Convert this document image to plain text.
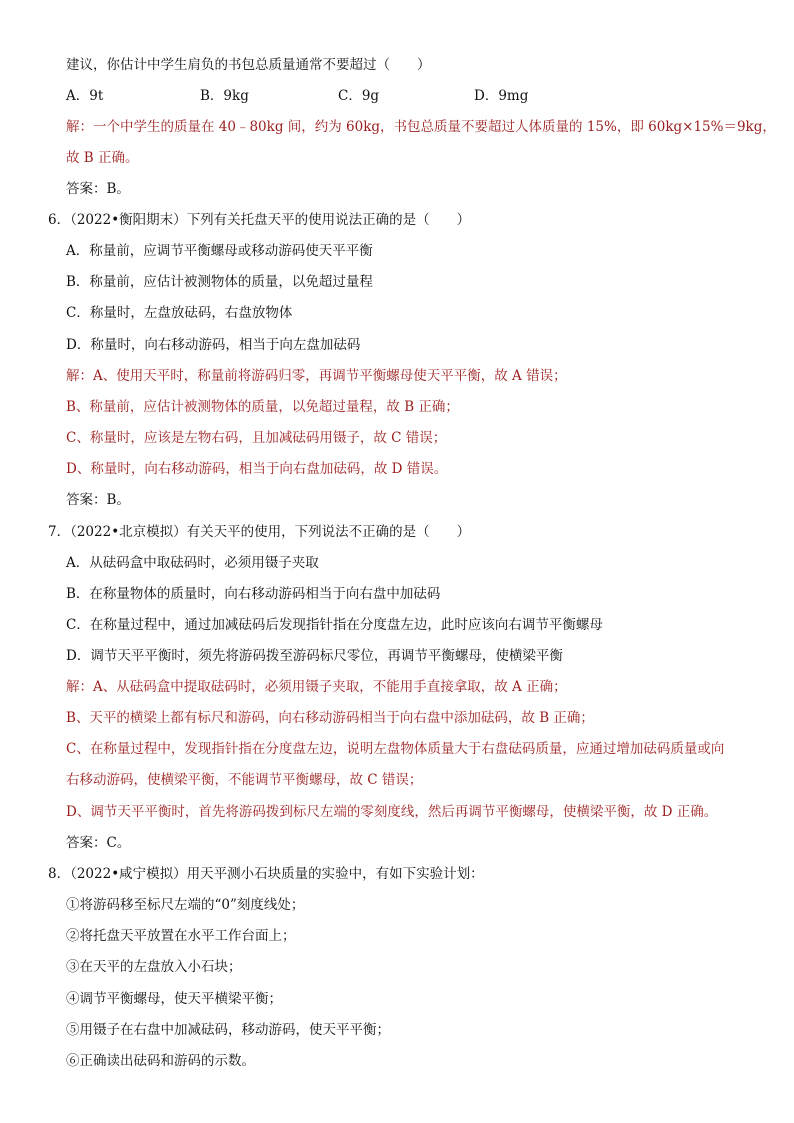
建议，你估计中学生肩负的书包总质量通常不要超过（　　）
A．9t	B．9kg	C．9g	D．9mg
解：一个中学生的质量在 40﹣80kg 间，约为 60kg，书包总质量不要超过人体质量的 15%，即 60kg×15%＝9kg，
故 B 正确。
答案：B。
6．（2022•衡阳期末）下列有关托盘天平的使用说法正确的是（　　）
A．称量前，应调节平衡螺母或移动游码使天平平衡
B．称量前，应估计被测物体的质量，以免超过量程
C．称量时，左盘放砝码，右盘放物体
D．称量时，向右移动游码，相当于向左盘加砝码
解：A、使用天平时，称量前将游码归零，再调节平衡螺母使天平平衡，故 A 错误；
B、称量前，应估计被测物体的质量，以免超过量程，故 B 正确；
C、称量时，应该是左物右码，且加减砝码用镊子，故 C 错误；
D、称量时，向右移动游码，相当于向右盘加砝码，故 D 错误。
答案：B。
7．（2022•北京模拟）有关天平的使用，下列说法不正确的是（　　）
A．从砝码盒中取砝码时，必须用镊子夹取
B．在称量物体的质量时，向右移动游码相当于向右盘中加砝码
C．在称量过程中，通过加减砝码后发现指针指在分度盘左边，此时应该向右调节平衡螺母
D．调节天平平衡时，须先将游码拨至游码标尺零位，再调节平衡螺母，使横梁平衡
解：A、从砝码盒中提取砝码时，必须用镊子夹取，不能用手直接拿取，故 A 正确；
B、天平的横梁上都有标尺和游码，向右移动游码相当于向右盘中添加砝码，故 B 正确；
C、在称量过程中，发现指针指在分度盘左边，说明左盘物体质量大于右盘砝码质量，应通过增加砝码质量或向
右移动游码，使横梁平衡，不能调节平衡螺母，故 C 错误；
D、调节天平平衡时，首先将游码拨到标尺左端的零刻度线，然后再调节平衡螺母，使横梁平衡，故 D 正确。
答案：C。
8．（2022•咸宁模拟）用天平测小石块质量的实验中，有如下实验计划：
①将游码移至标尺左端的“0”刻度线处；
②将托盘天平放置在水平工作台面上；
③在天平的左盘放入小石块；
④调节平衡螺母，使天平横梁平衡；
⑤用镊子在右盘中加减砝码，移动游码，使天平平衡；
⑥正确读出砝码和游码的示数。
